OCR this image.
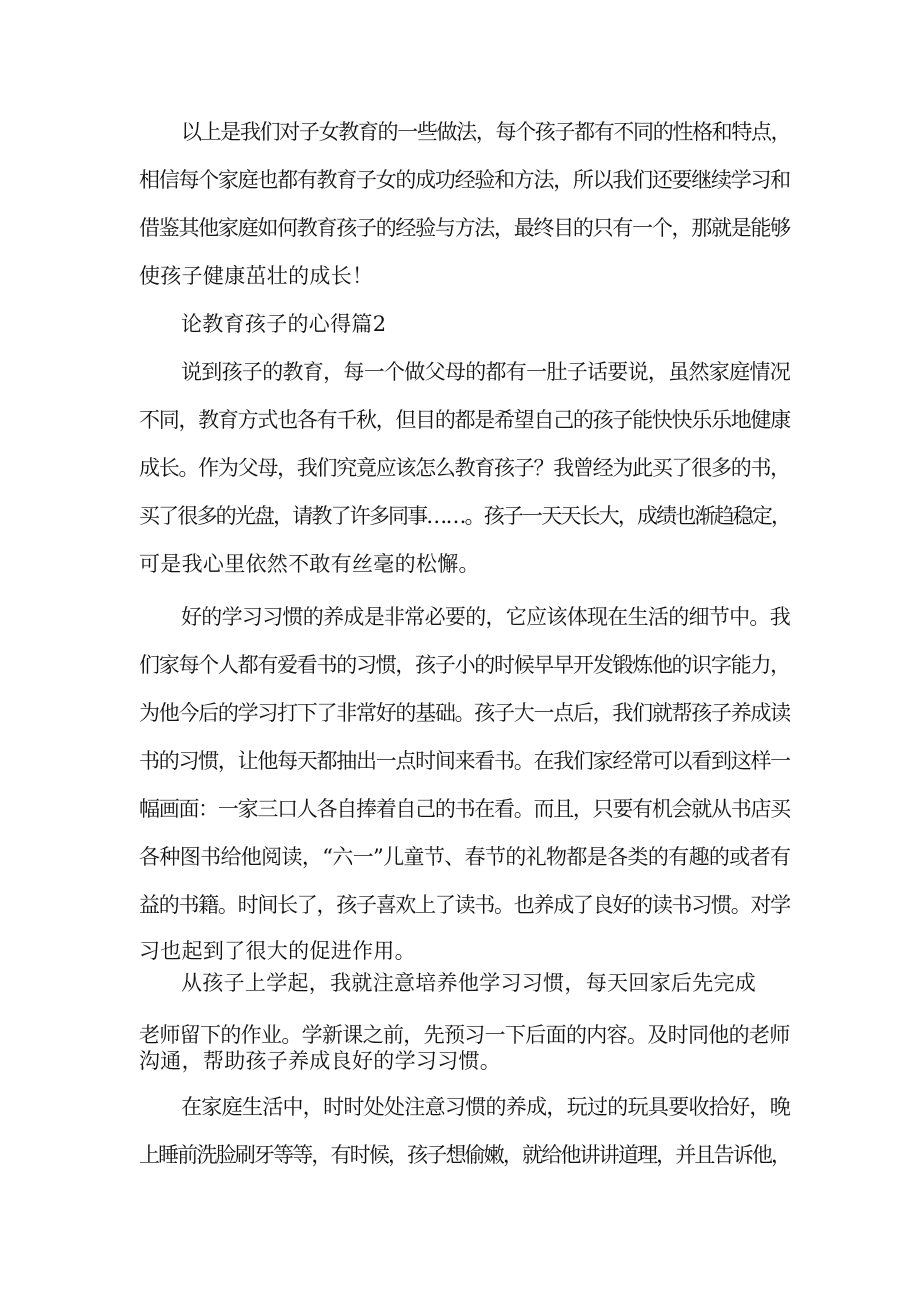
以上是我们对子女教育的一些做法，每个孩子都有不同的性格和特点，
相信每个家庭也都有教育子女的成功经验和方法，所以我们还要继续学习和
借鉴其他家庭如何教育孩子的经验与方法，最终目的只有一个，那就是能够
使孩子健康茁壮的成长！
论教育孩子的心得篇2
说到孩子的教育，每一个做父母的都有一肚子话要说，虽然家庭情况
不同，教育方式也各有千秋，但目的都是希望自己的孩子能快快乐乐地健康
成长。作为父母，我们究竟应该怎么教育孩子？我曾经为此买了很多的书，
买了很多的光盘，请教了许多同事……。孩子一天天长大，成绩也渐趋稳定，
可是我心里依然不敢有丝毫的松懈。
好的学习习惯的养成是非常必要的，它应该体现在生活的细节中。我
们家每个人都有爱看书的习惯，孩子小的时候早早开发锻炼他的识字能力，
为他今后的学习打下了非常好的基础。孩子大一点后，我们就帮孩子养成读
书的习惯，让他每天都抽出一点时间来看书。在我们家经常可以看到这样一
幅画面：一家三口人各自捧着自己的书在看。而且，只要有机会就从书店买
各种图书给他阅读，“六一”儿童节、春节的礼物都是各类的有趣的或者有
益的书籍。时间长了，孩子喜欢上了读书。也养成了良好的读书习惯。对学
习也起到了很大的促进作用。
从孩子上学起，我就注意培养他学习习惯，每天回家后先完成
老师留下的作业。学新课之前，先预习一下后面的内容。及时同他的老师
沟通，帮助孩子养成良好的学习习惯。
在家庭生活中，时时处处注意习惯的养成，玩过的玩具要收拾好，晚
上睡前洗脸刷牙等等，有时候，孩子想偷嫩，就给他讲讲道理，并且告诉他，
